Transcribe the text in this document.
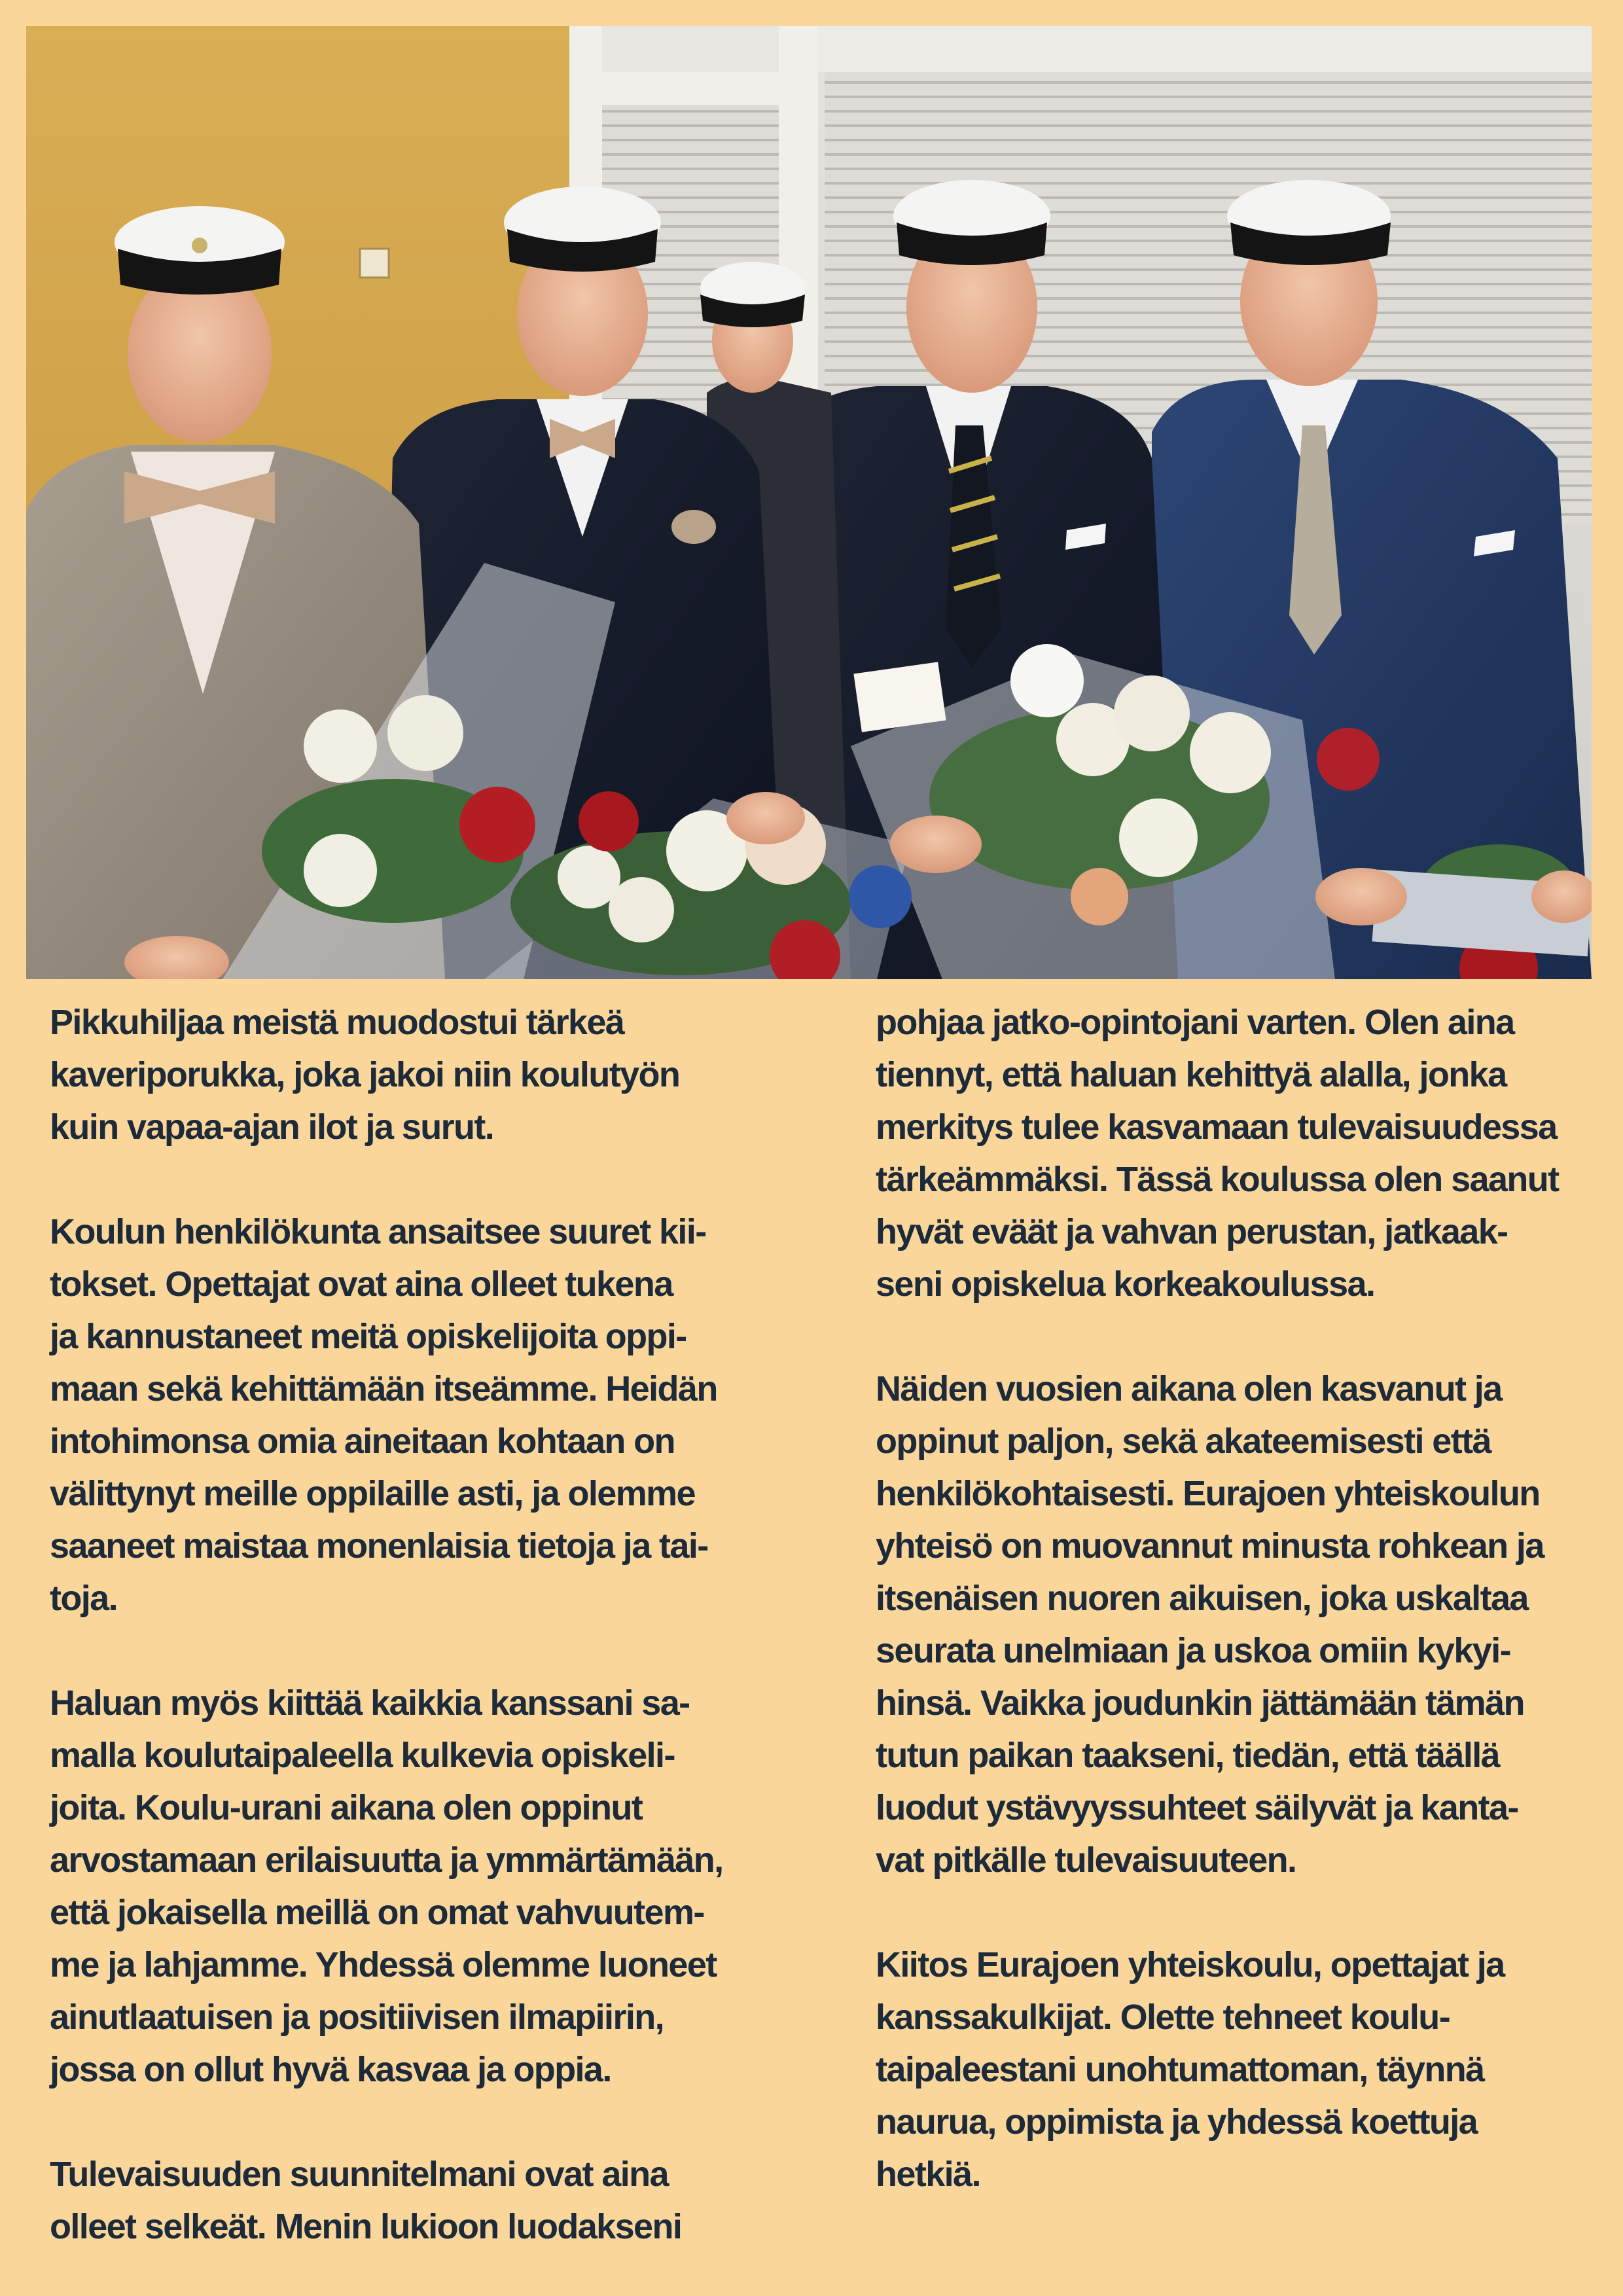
Pikkuhiljaa meistä muodostui tärkeä
kaveriporukka, joka jakoi niin koulutyön
kuin vapaa-ajan ilot ja surut.

Koulun henkilökunta ansaitsee suuret kii-
tokset. Opettajat ovat aina olleet tukena
ja kannustaneet meitä opiskelijoita oppi-
maan sekä kehittämään itseämme. Heidän
intohimonsa omia aineitaan kohtaan on
välittynyt meille oppilaille asti, ja olemme
saaneet maistaa monenlaisia tietoja ja tai-
toja.

Haluan myös kiittää kaikkia kanssani sa-
malla koulutaipaleella kulkevia opiskeli-
joita. Koulu-urani aikana olen oppinut
arvostamaan erilaisuutta ja ymmärtämään,
että jokaisella meillä on omat vahvuutem-
me ja lahjamme. Yhdessä olemme luoneet
ainutlaatuisen ja positiivisen ilmapiirin,
jossa on ollut hyvä kasvaa ja oppia.

Tulevaisuuden suunnitelmani ovat aina
olleet selkeät. Menin lukioon luodakseni

pohjaa jatko-opintojani varten. Olen aina
tiennyt, että haluan kehittyä alalla, jonka
merkitys tulee kasvamaan tulevaisuudessa
tärkeämmäksi. Tässä koulussa olen saanut
hyvät eväät ja vahvan perustan, jatkaak-
seni opiskelua korkeakoulussa.

Näiden vuosien aikana olen kasvanut ja
oppinut paljon, sekä akateemisesti että
henkilökohtaisesti. Eurajoen yhteiskoulun
yhteisö on muovannut minusta rohkean ja
itsenäisen nuoren aikuisen, joka uskaltaa
seurata unelmiaan ja uskoa omiin kykyi-
hinsä. Vaikka joudunkin jättämään tämän
tutun paikan taakseni, tiedän, että täällä
luodut ystävyyssuhteet säilyvät ja kanta-
vat pitkälle tulevaisuuteen.

Kiitos Eurajoen yhteiskoulu, opettajat ja
kanssakulkijat. Olette tehneet koulu-
taipaleestani unohtumattoman, täynnä
naurua, oppimista ja yhdessä koettuja
hetkiä.
